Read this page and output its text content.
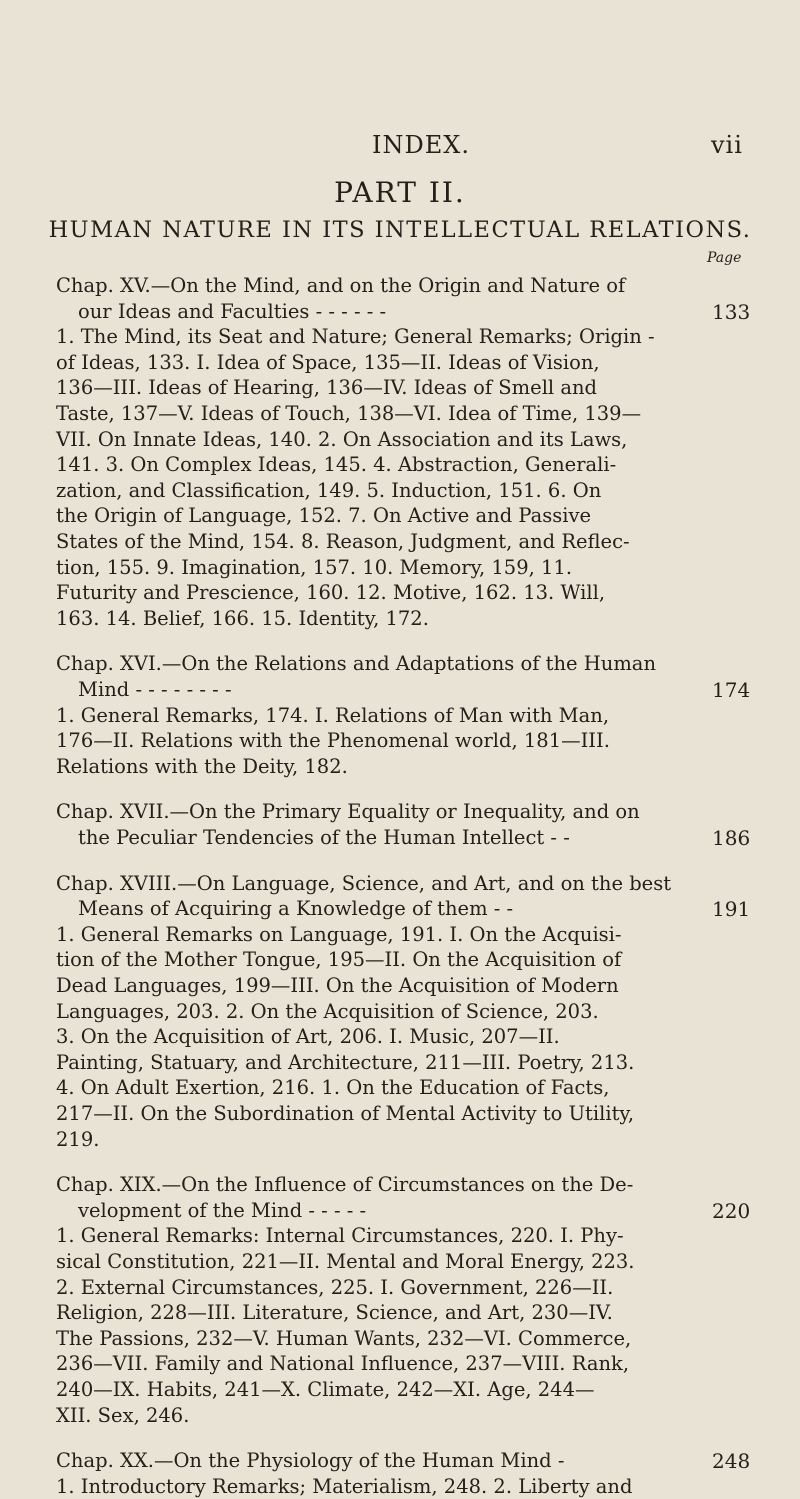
INDEX.	vii
PART II.
HUMAN NATURE IN ITS INTELLECTUAL RELATIONS.
Page
Chap. XV.—On the Mind, and on the Origin and Nature of
our Ideas and Faculties - - - - - -	133
1. The Mind, its Seat and Nature; General Remarks; Origin -
of Ideas, 133. I. Idea of Space, 135—II. Ideas of Vision,
136—III. Ideas of Hearing, 136—IV. Ideas of Smell and
Taste, 137—V. Ideas of Touch, 138—VI. Idea of Time, 139—
VII. On Innate Ideas, 140. 2. On Association and its Laws,
141. 3. On Complex Ideas, 145. 4. Abstraction, Generali-
zation, and Classification, 149. 5. Induction, 151. 6. On
the Origin of Language, 152. 7. On Active and Passive
States of the Mind, 154. 8. Reason, Judgment, and Reflec-
tion, 155. 9. Imagination, 157. 10. Memory, 159, 11.
Futurity and Prescience, 160. 12. Motive, 162. 13. Will,
163. 14. Belief, 166. 15. Identity, 172.
Chap. XVI.—On the Relations and Adaptations of the Human
Mind - - - - - - - -	174
1. General Remarks, 174. I. Relations of Man with Man,
176—II. Relations with the Phenomenal world, 181—III.
Relations with the Deity, 182.
Chap. XVII.—On the Primary Equality or Inequality, and on
the Peculiar Tendencies of the Human Intellect - -	186
Chap. XVIII.—On Language, Science, and Art, and on the best
Means of Acquiring a Knowledge of them - -	191
1. General Remarks on Language, 191. I. On the Acquisi-
tion of the Mother Tongue, 195—II. On the Acquisition of
Dead Languages, 199—III. On the Acquisition of Modern
Languages, 203. 2. On the Acquisition of Science, 203.
3. On the Acquisition of Art, 206. I. Music, 207—II.
Painting, Statuary, and Architecture, 211—III. Poetry, 213.
4. On Adult Exertion, 216. 1. On the Education of Facts,
217—II. On the Subordination of Mental Activity to Utility,
219.
Chap. XIX.—On the Influence of Circumstances on the De-
velopment of the Mind - - - - -	220
1. General Remarks: Internal Circumstances, 220. I. Phy-
sical Constitution, 221—II. Mental and Moral Energy, 223.
2. External Circumstances, 225. I. Government, 226—II.
Religion, 228—III. Literature, Science, and Art, 230—IV.
The Passions, 232—V. Human Wants, 232—VI. Commerce,
236—VII. Family and National Influence, 237—VIII. Rank,
240—IX. Habits, 241—X. Climate, 242—XI. Age, 244—
XII. Sex, 246.
Chap. XX.—On the Physiology of the Human Mind -	248
1. Introductory Remarks; Materialism, 248. 2. Liberty and
